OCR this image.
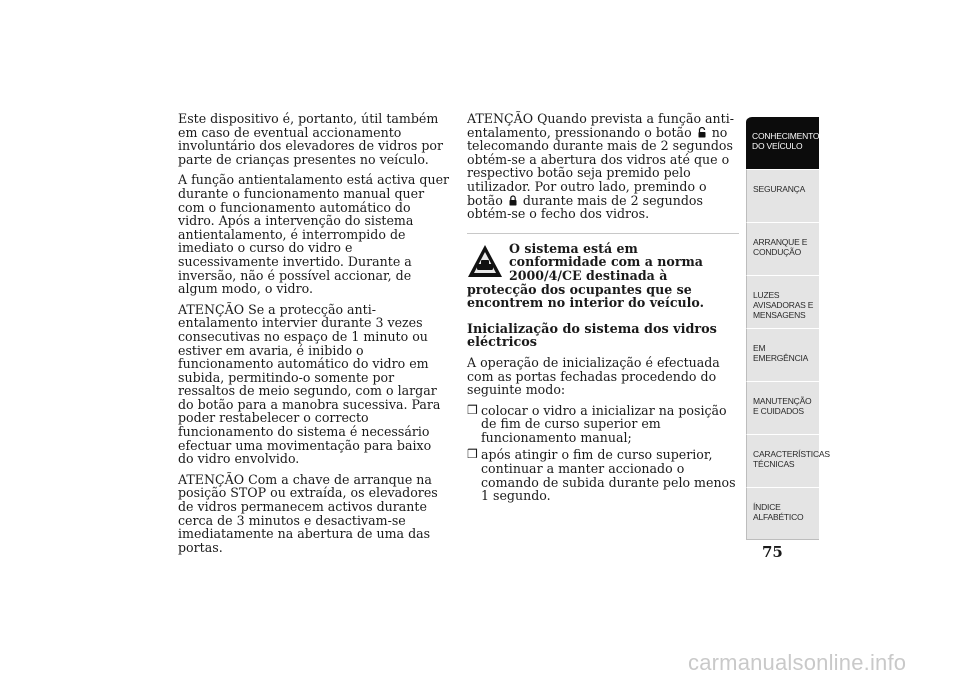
Este dispositivo é, portanto, útil também em caso de eventual accionamento involuntário dos elevadores de vidros por parte de crianças presentes no veículo.

A função antientalamento está activa quer durante o funcionamento manual quer com o funcionamento automático do vidro. Após a intervenção do sistema antientalamento, é interrompido de imediato o curso do vidro e sucessivamente invertido. Durante a inversão, não é possível accionar, de algum modo, o vidro.

ATENÇÃO Se a protecção anti-entalamento intervier durante 3 vezes consecutivas no espaço de 1 minuto ou estiver em avaria, é inibido o funcionamento automático do vidro em subida, permitindo-o somente por ressaltos de meio segundo, com o largar do botão para a manobra sucessiva. Para poder restabelecer o correcto funcionamento do sistema é necessário efectuar uma movimentação para baixo do vidro envolvido.

ATENÇÃO Com a chave de arranque na posição STOP ou extraída, os elevadores de vidros permanecem activos durante cerca de 3 minutos e desactivam-se imediatamente na abertura de uma das portas.

ATENÇÃO Quando prevista a função anti-entalamento, pressionando o botão no telecomando durante mais de 2 segundos obtém-se a abertura dos vidros até que o respectivo botão seja premido pelo utilizador. Por outro lado, premindo o botão durante mais de 2 segundos obtém-se o fecho dos vidros.

O sistema está em conformidade com a norma 2000/4/CE destinada à protecção dos ocupantes que se encontrem no interior do veículo.
Inicialização do sistema dos vidros eléctricos

A operação de inicialização é efectuada com as portas fechadas procedendo do seguinte modo:

❒ colocar o vidro a inicializar na posição de fim de curso superior em funcionamento manual;
❒ após atingir o fim de curso superior, continuar a manter accionado o comando de subida durante pelo menos 1 segundo.
CONHECIMENTO DO VEÍCULO
SEGURANÇA
ARRANQUE E CONDUÇÃO
LUZES AVISADORAS E MENSAGENS
EM EMERGÊNCIA
MANUTENÇÃO E CUIDADOS
CARACTERÍSTICAS TÉCNICAS
ÍNDICE ALFABÉTICO
75
carmanualsonline.info
